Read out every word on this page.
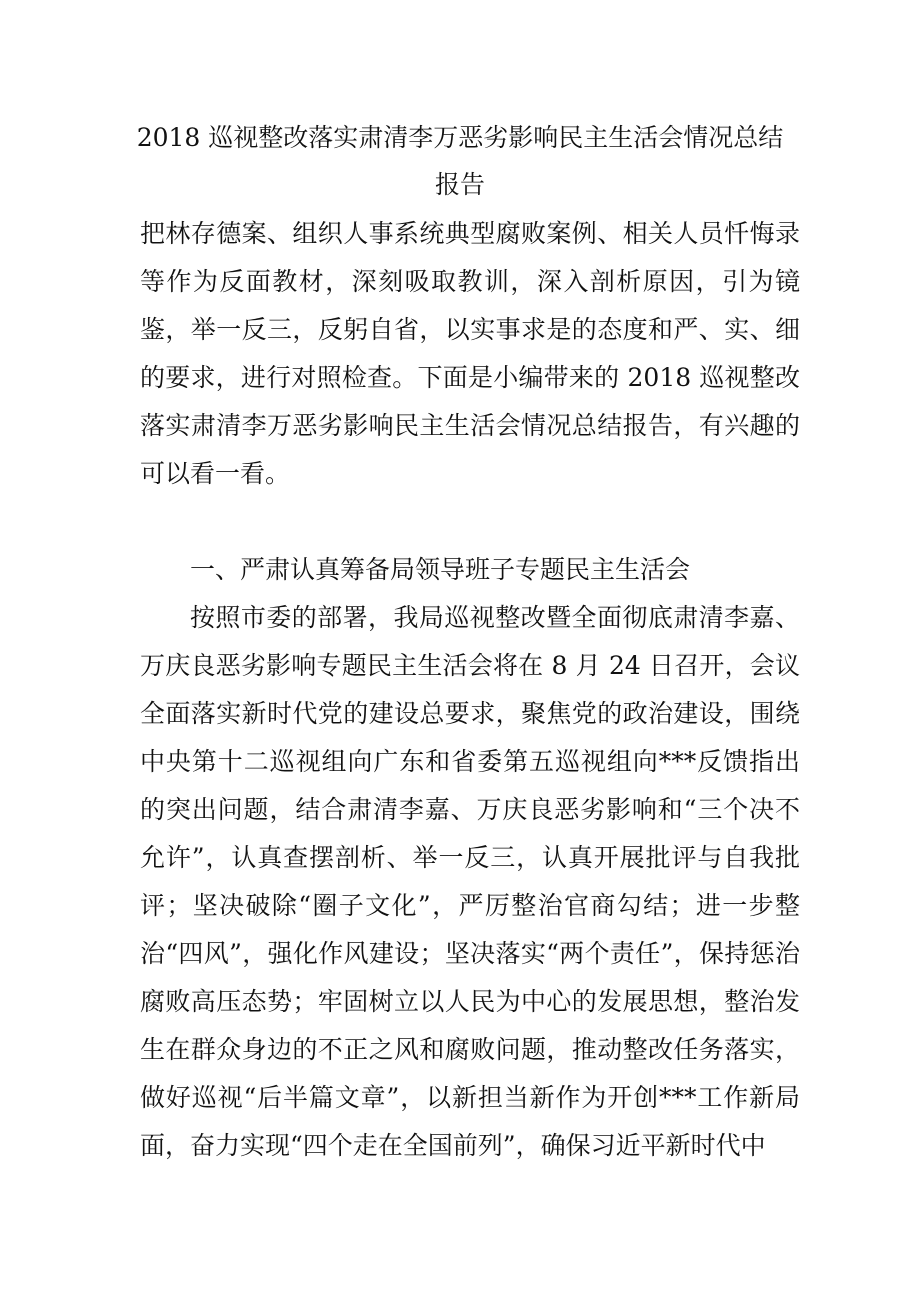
2018 巡视整改落实肃清李万恶劣影响民主生活会情况总结
报告
把林存德案、组织人事系统典型腐败案例、相关人员忏悔录等作为反面教材，深刻吸取教训，深入剖析原因，引为镜鉴，举一反三，反躬自省，以实事求是的态度和严、实、细的要求，进行对照检查。下面是小编带来的 2018 巡视整改落实肃清李万恶劣影响民主生活会情况总结报告，有兴趣的可以看一看。
一、严肃认真筹备局领导班子专题民主生活会
按照市委的部署，我局巡视整改暨全面彻底肃清李嘉、万庆良恶劣影响专题民主生活会将在 8 月 24 日召开，会议全面落实新时代党的建设总要求，聚焦党的政治建设，围绕中央第十二巡视组向广东和省委第五巡视组向***反馈指出的突出问题，结合肃清李嘉、万庆良恶劣影响和“三个决不允许”，认真查摆剖析、举一反三，认真开展批评与自我批评；坚决破除“圈子文化”，严厉整治官商勾结；进一步整治“四风”，强化作风建设；坚决落实“两个责任”，保持惩治腐败高压态势；牢固树立以人民为中心的发展思想，整治发生在群众身边的不正之风和腐败问题，推动整改任务落实，做好巡视“后半篇文章”，以新担当新作为开创***工作新局面，奋力实现“四个走在全国前列”，确保习近平新时代中
